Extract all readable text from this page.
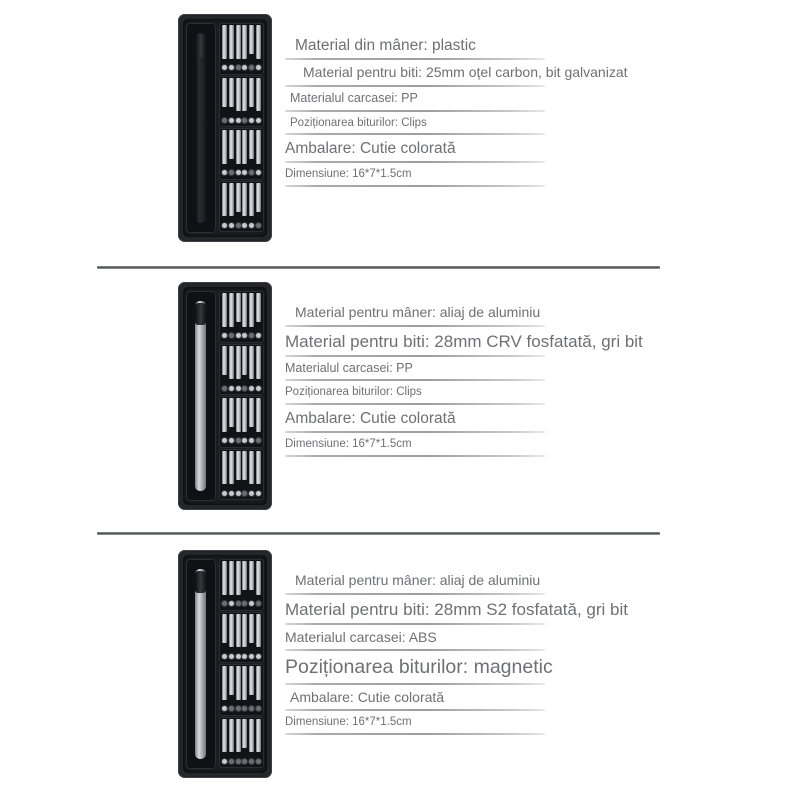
Material din mâner: plastic
Material pentru biti: 25mm oțel carbon, bit galvanizat
Materialul carcasei: PP
Poziționarea biturilor: Clips
Ambalare: Cutie colorată
Dimensiune: 16*7*1.5cm
Material pentru mâner: aliaj de aluminiu
Material pentru biti: 28mm CRV fosfatată, gri bit
Materialul carcasei: PP
Poziționarea biturilor: Clips
Ambalare: Cutie colorată
Dimensiune: 16*7*1.5cm
Material pentru mâner: aliaj de aluminiu
Material pentru biti: 28mm S2 fosfatată, gri bit
Materialul carcasei: ABS
Poziționarea biturilor: magnetic
Ambalare: Cutie colorată
Dimensiune: 16*7*1.5cm
